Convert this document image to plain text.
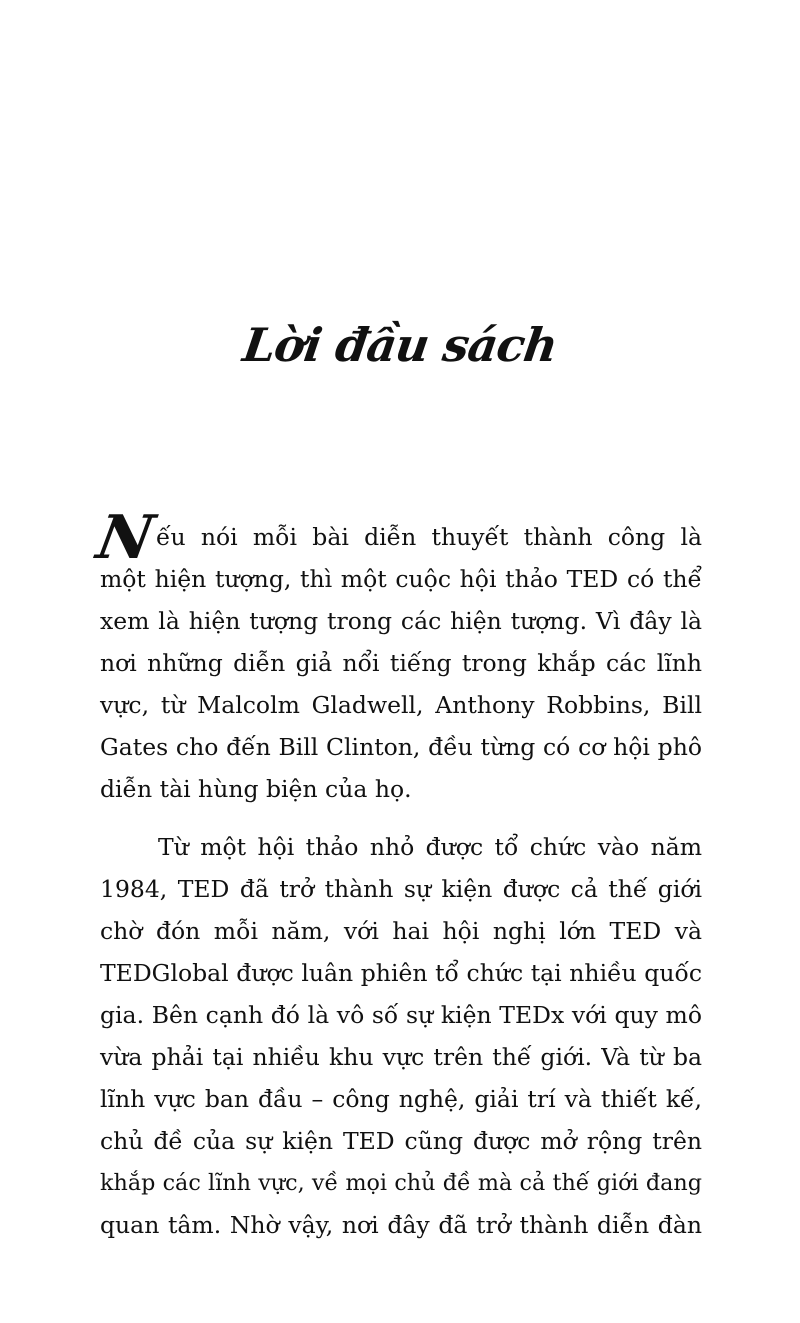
Lời đầu sách
N
ếu nói mỗi bài diễn thuyết thành công là
một hiện tượng, thì một cuộc hội thảo TED có thể
xem là hiện tượng trong các hiện tượng. Vì đây là
nơi những diễn giả nổi tiếng trong khắp các lĩnh
vực, từ Malcolm Gladwell, Anthony Robbins, Bill
Gates cho đến Bill Clinton, đều từng có cơ hội phô
diễn tài hùng biện của họ.
Từ một hội thảo nhỏ được tổ chức vào năm
1984, TED đã trở thành sự kiện được cả thế giới
chờ đón mỗi năm, với hai hội nghị lớn TED và
TEDGlobal được luân phiên tổ chức tại nhiều quốc
gia. Bên cạnh đó là vô số sự kiện TEDx với quy mô
vừa phải tại nhiều khu vực trên thế giới. Và từ ba
lĩnh vực ban đầu – công nghệ, giải trí và thiết kế,
chủ đề của sự kiện TED cũng được mở rộng trên
khắp các lĩnh vực, về mọi chủ đề mà cả thế giới đang
quan tâm. Nhờ vậy, nơi đây đã trở thành diễn đàn
